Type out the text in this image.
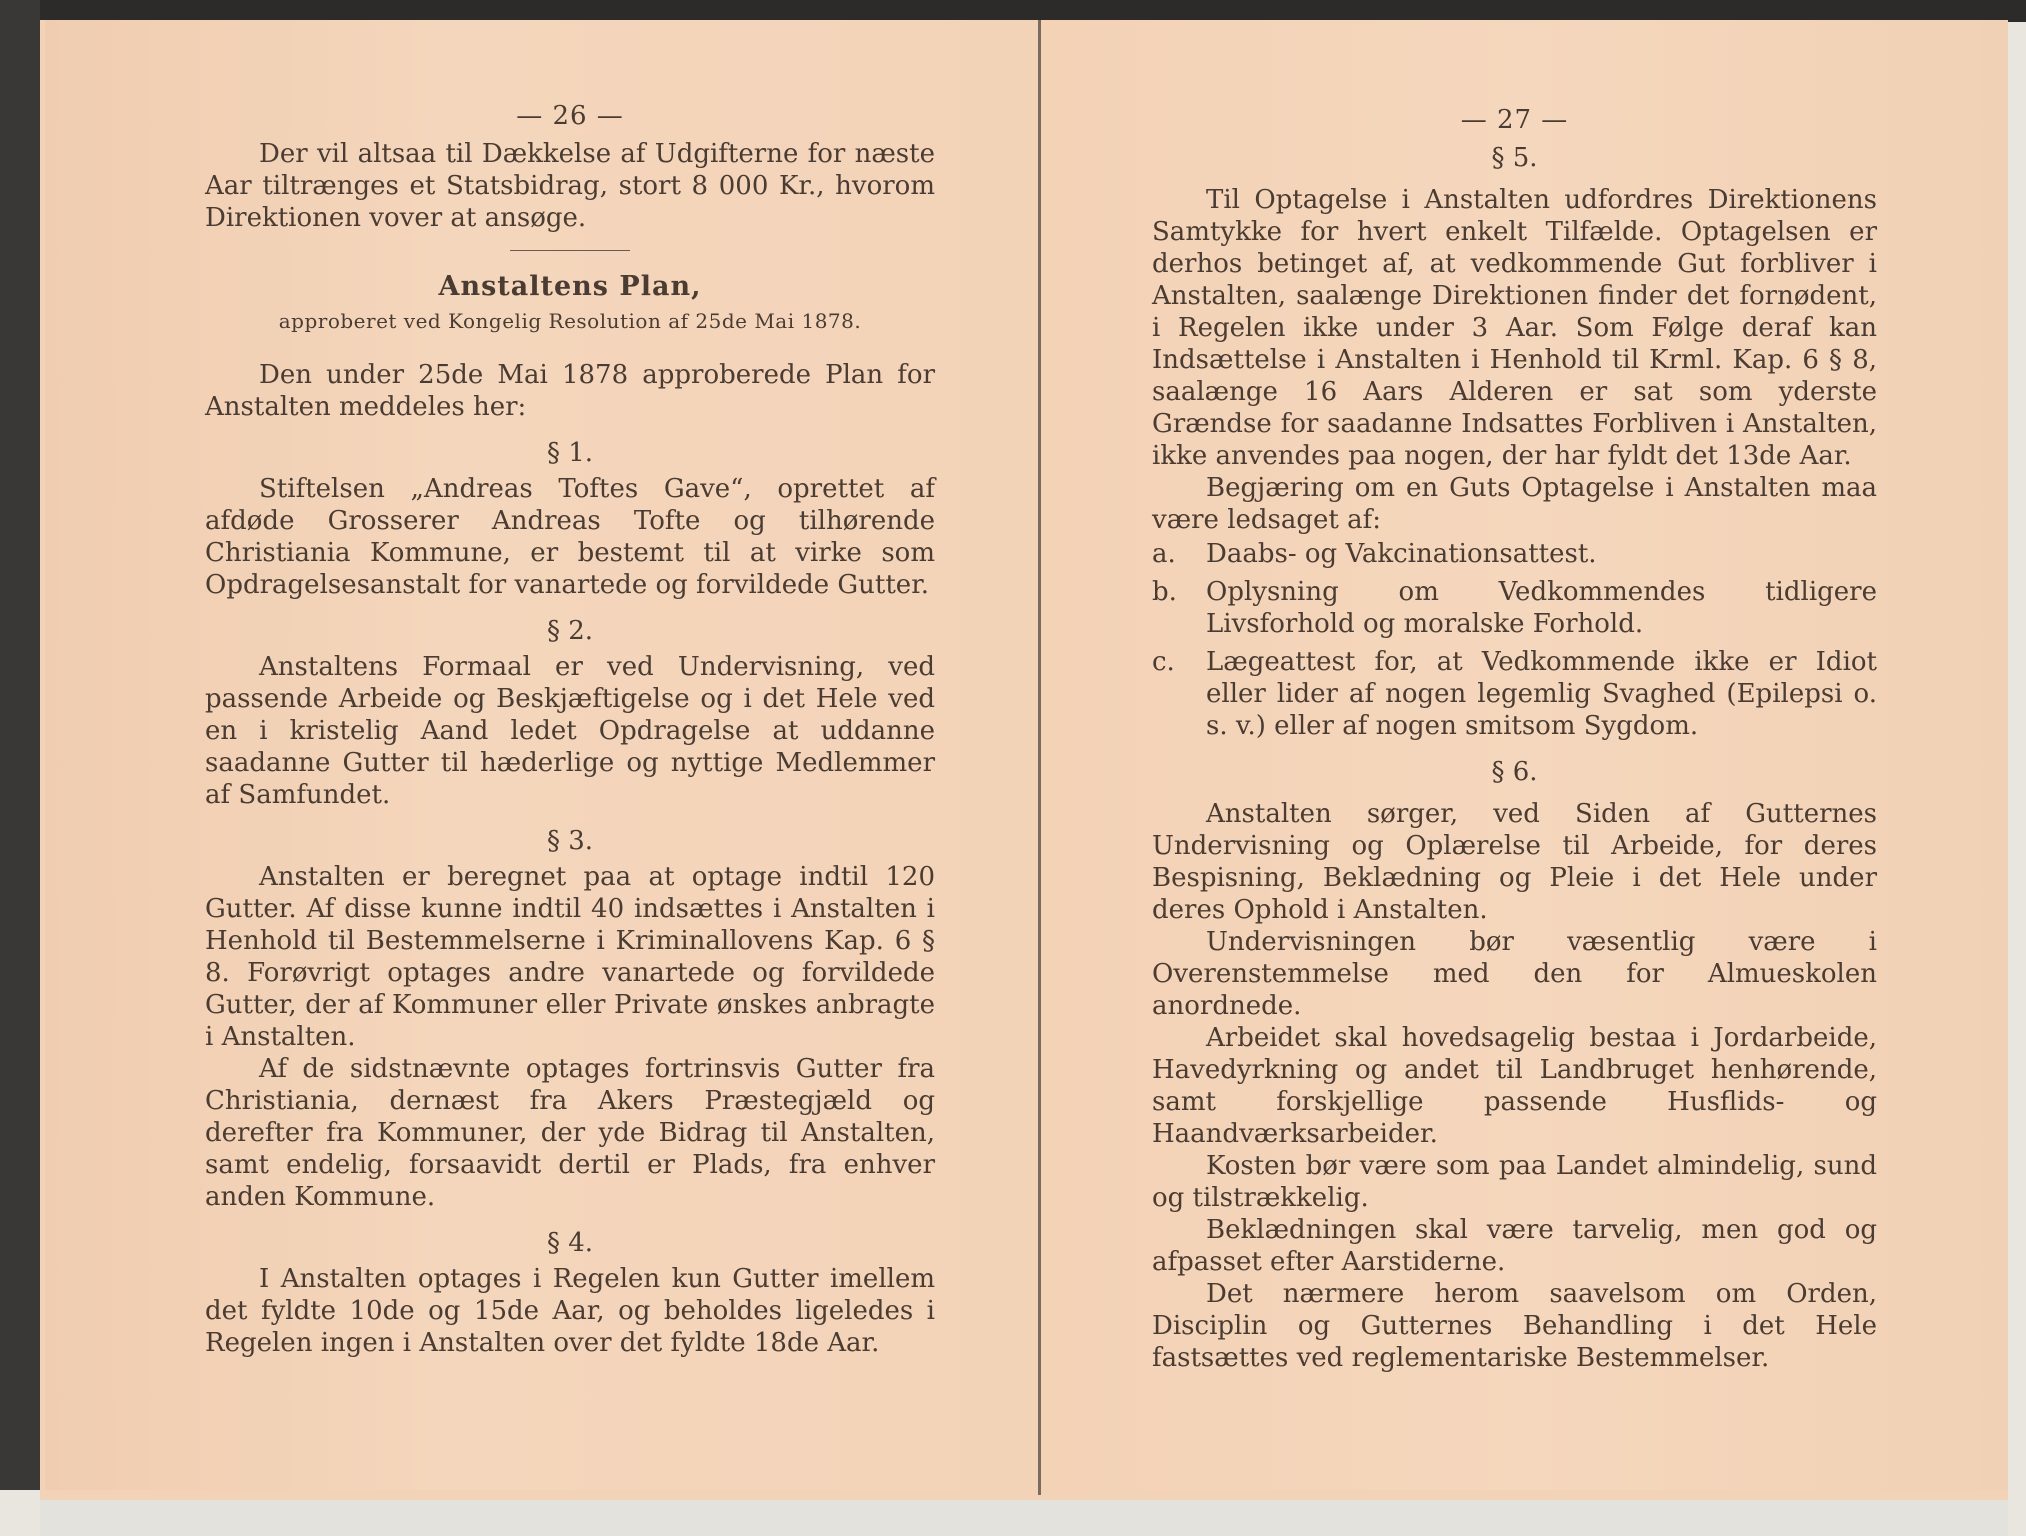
— 26 —

Der vil altsaa til Dækkelse af Udgifterne for næste Aar tiltrænges et Statsbidrag, stort 8 000 Kr., hvorom Direktionen vover at ansøge.

Anstaltens Plan,
approberet ved Kongelig Resolution af 25de Mai 1878.

Den under 25de Mai 1878 approberede Plan for Anstalten meddeles her:

§ 1.

Stiftelsen „Andreas Toftes Gave“, oprettet af afdøde Grosserer Andreas Tofte og tilhørende Christiania Kommune, er bestemt til at virke som Opdragelsesanstalt for vanartede og forvildede Gutter.

§ 2.

Anstaltens Formaal er ved Undervisning, ved passende Arbeide og Beskjæftigelse og i det Hele ved en i kristelig Aand ledet Opdragelse at uddanne saadanne Gutter til hæderlige og nyttige Medlemmer af Samfundet.

§ 3.

Anstalten er beregnet paa at optage indtil 120 Gutter. Af disse kunne indtil 40 indsættes i Anstalten i Henhold til Bestemmelserne i Kriminallovens Kap. 6 § 8. Forøvrigt optages andre vanartede og forvildede Gutter, der af Kommuner eller Private ønskes anbragte i Anstalten.

Af de sidstnævnte optages fortrinsvis Gutter fra Christiania, dernæst fra Akers Præstegjæld og derefter fra Kommuner, der yde Bidrag til Anstalten, samt endelig, forsaavidt dertil er Plads, fra enhver anden Kommune.

§ 4.

I Anstalten optages i Regelen kun Gutter imellem det fyldte 10de og 15de Aar, og beholdes ligeledes i Regelen ingen i Anstalten over det fyldte 18de Aar.

— 27 —
§ 5.

Til Optagelse i Anstalten udfordres Direktionens Samtykke for hvert enkelt Tilfælde. Optagelsen er derhos betinget af, at vedkommende Gut forbliver i Anstalten, saalænge Direktionen finder det fornødent, i Regelen ikke under 3 Aar. Som Følge deraf kan Indsættelse i Anstalten i Henhold til Krml. Kap. 6 § 8, saalænge 16 Aars Alderen er sat som yderste Grændse for saadanne Indsattes Forbliven i Anstalten, ikke anvendes paa nogen, der har fyldt det 13de Aar.

Begjæring om en Guts Optagelse i Anstalten maa være ledsaget af:

a.	Daabs- og Vakcinationsattest.
b.	Oplysning om Vedkommendes tidligere Livsforhold og moralske Forhold.
c.	Lægeattest for, at Vedkommende ikke er Idiot eller lider af nogen legemlig Svaghed (Epilepsi o. s. v.) eller af nogen smitsom Sygdom.
§ 6.

Anstalten sørger, ved Siden af Gutternes Undervisning og Oplærelse til Arbeide, for deres Bespisning, Beklædning og Pleie i det Hele under deres Ophold i Anstalten.

Undervisningen bør væsentlig være i Overenstemmelse med den for Almueskolen anordnede.

Arbeidet skal hovedsagelig bestaa i Jordarbeide, Havedyrkning og andet til Landbruget henhørende, samt forskjellige passende Husflids- og Haandværksarbeider.

Kosten bør være som paa Landet almindelig, sund og tilstrækkelig.

Beklædningen skal være tarvelig, men god og afpasset efter Aarstiderne.

Det nærmere herom saavelsom om Orden, Disciplin og Gutternes Behandling i det Hele fastsættes ved reglementariske Bestemmelser.
